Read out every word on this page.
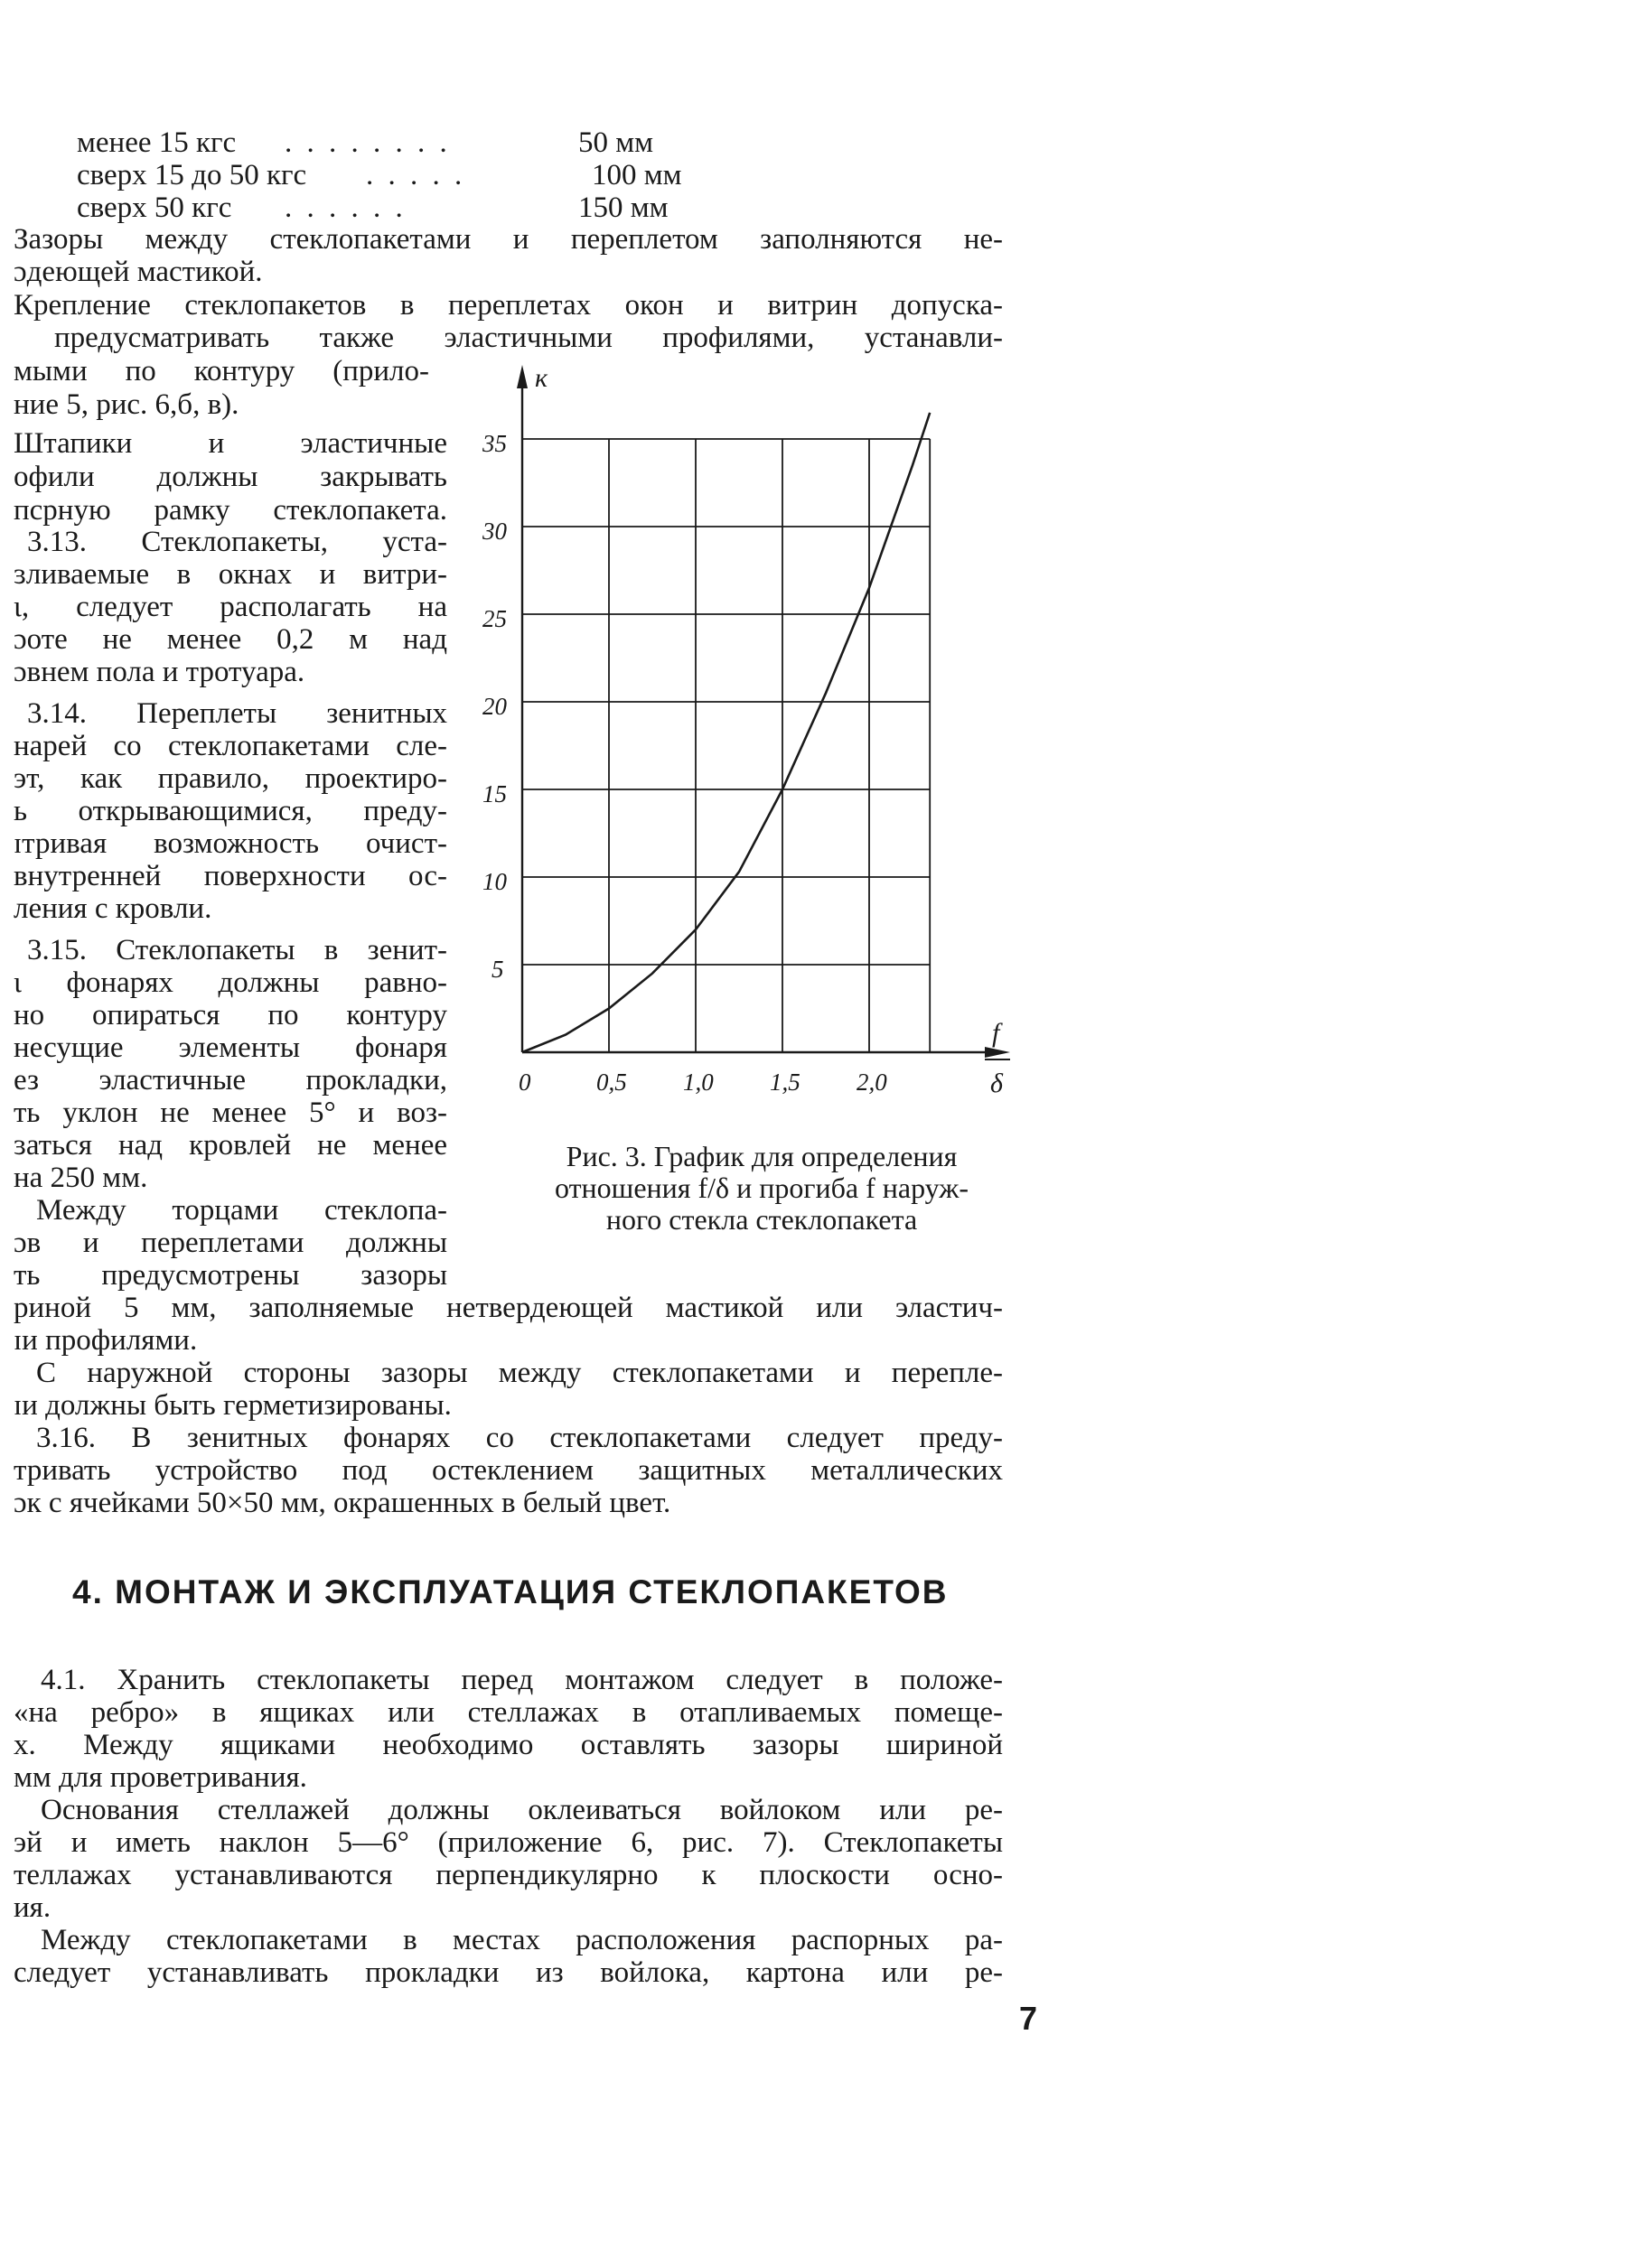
менее 15 кгс . . . . . . . .	50 мм
сверх 15 до 50 кгс . . . . .	100 мм
сверх 50 кгс . . . . . .	150 мм
Зазоры между стеклопакетами и переплетом заполняются не-
ɔдеющей мастикой.
Крепление стеклопакетов в переплетах окон и витрин допуска-
предусматривать также эластичными профилями, устанавли-
мыми по контуру (прило-
ние 5, рис. 6,б, в).
Штапики и эластичные
офили должны закрывать
псрную рамку стеклопакета.
3.13. Стеклопакеты, уста-
ɜливаемые в окнах и витри-
ι, следует располагать на
ɔоте не менее 0,2 м над
ɔвнем пола и тротуара.
3.14. Переплеты зенитных
нарей со стеклопакетами сле-
эт, как правило, проектиро-
ь открывающимися, преду-
ɪтривая возможность очист-
внутренней поверхности ос-
ления с кровли.
3.15. Стеклопакеты в зенит-
ι фонарях должны равно-
но опираться по контуру
несущие элементы фонаря
ез эластичные прокладки,
ть уклон не менее 5° и воз-
ɜаться над кровлей не менее
на 250 мм.
Между торцами стеклопа-
ɔв и переплетами должны
ть предусмотрены зазоры
0	0,5 1,0 1,5 2,0
5
10
15
20
25
30
35
к
f
δ
Рис. 3. График для определения
отношения f/δ и прогиба f наруж-
ного стекла стеклопакета
риной 5 мм, заполняемые нетвердеющей мастикой или эластич-
ɪи профилями.
С наружной стороны зазоры между стеклопакетами и перепле-
ɪи должны быть герметизированы.
3.16. В зенитных фонарях со стеклопакетами следует преду-
тривать устройство под остеклением защитных металлических
ɔк с ячейками 50×50 мм, окрашенных в белый цвет.
4. МОНТАЖ И ЭКСПЛУАТАЦИЯ СТЕКЛОПАКЕТОВ
4.1. Хранить стеклопакеты перед монтажом следует в положе-
«на ребро» в ящиках или стеллажах в отапливаемых помеще-
х. Между ящиками необходимо оставлять зазоры шириной
мм для проветривания.
Основания стеллажей должны оклеиваться войлоком или ре-
эй и иметь наклон 5—6° (приложение 6, рис. 7). Стеклопакеты
теллажах устанавливаются перпендикулярно к плоскости осно-
ия.
Между стеклопакетами в местах расположения распорных ра-
следует устанавливать прокладки из войлока, картона или ре-
7
